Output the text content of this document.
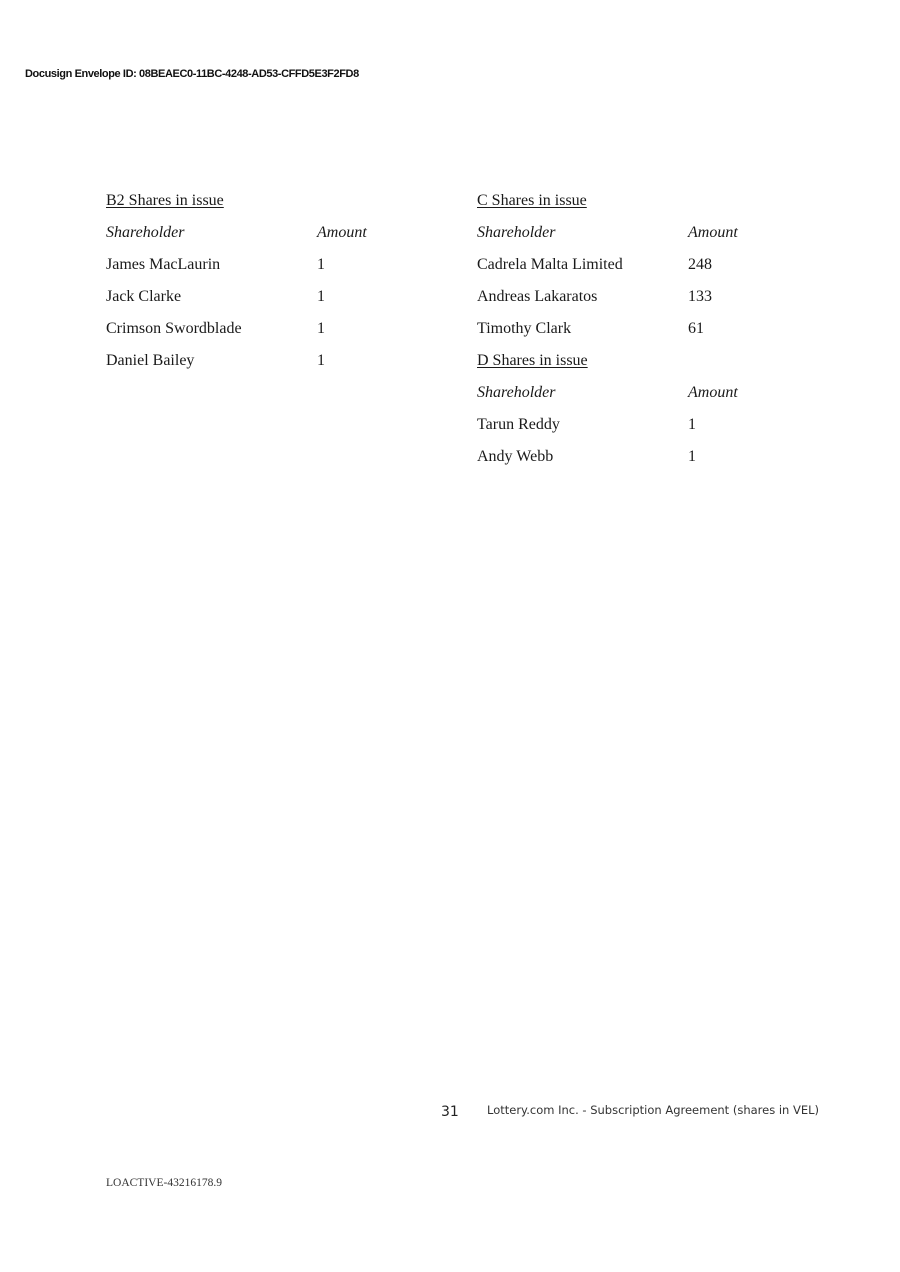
Docusign Envelope ID: 08BEAEC0-11BC-4248-AD53-CFFD5E3F2FD8
B2 Shares in issue
Shareholder	Amount
James MacLaurin	1
Jack Clarke	1
Crimson Swordblade	1
Daniel Bailey	1
C Shares in issue
Shareholder	Amount
Cadrela Malta Limited	248
Andreas Lakaratos	133
Timothy Clark	61
D Shares in issue
Shareholder	Amount
Tarun Reddy	1
Andy Webb	1
31 Lottery.com Inc. - Subscription Agreement (shares in VEL)
LOACTIVE-43216178.9
